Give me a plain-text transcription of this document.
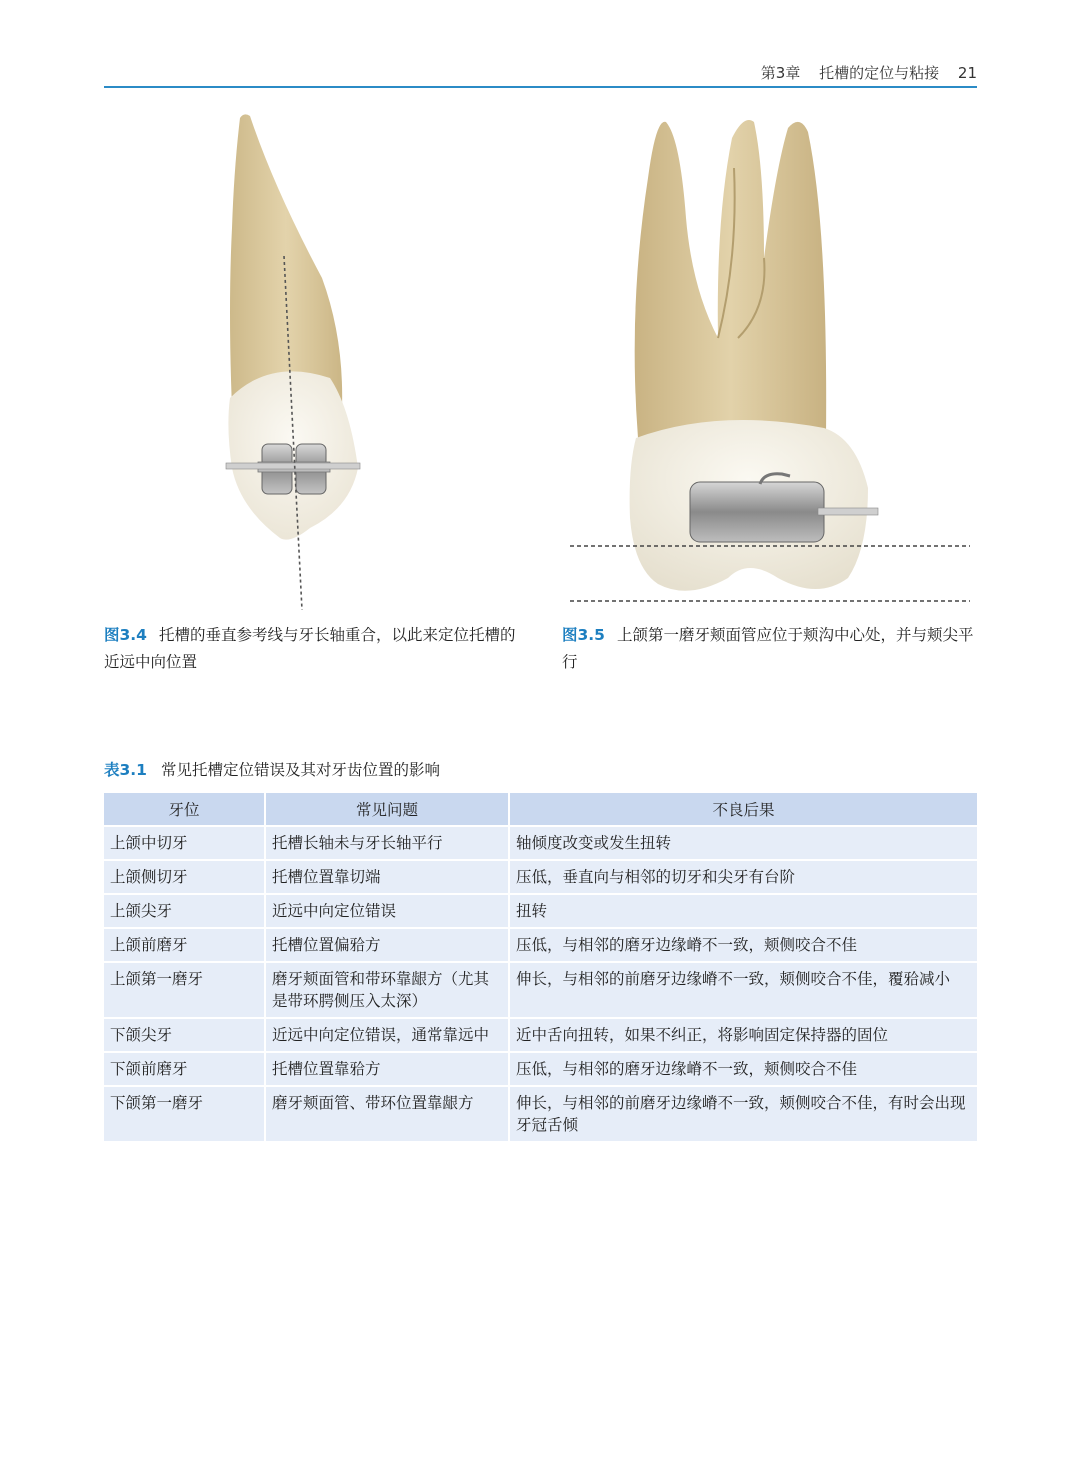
第3章 托槽的定位与粘接 21
图3.4 托槽的垂直参考线与牙长轴重合，以此来定位托槽的近远中向位置
图3.5 上颌第一磨牙颊面管应位于颊沟中心处，并与颊尖平行
表3.1 常见托槽定位错误及其对牙齿位置的影响
牙位	常见问题	不良后果
上颌中切牙	托槽长轴未与牙长轴平行	轴倾度改变或发生扭转
上颌侧切牙	托槽位置靠切端	压低，垂直向与相邻的切牙和尖牙有台阶
上颌尖牙	近远中向定位错误	扭转
上颌前磨牙	托槽位置偏𬌗方	压低，与相邻的磨牙边缘嵴不一致，颊侧咬合不佳
上颌第一磨牙	磨牙颊面管和带环靠龈方（尤其是带环腭侧压入太深）	伸长，与相邻的前磨牙边缘嵴不一致，颊侧咬合不佳，覆𬌗减小
下颌尖牙	近远中向定位错误，通常靠远中	近中舌向扭转，如果不纠正，将影响固定保持器的固位
下颌前磨牙	托槽位置靠𬌗方	压低，与相邻的磨牙边缘嵴不一致，颊侧咬合不佳
下颌第一磨牙	磨牙颊面管、带环位置靠龈方	伸长，与相邻的前磨牙边缘嵴不一致，颊侧咬合不佳，有时会出现牙冠舌倾
